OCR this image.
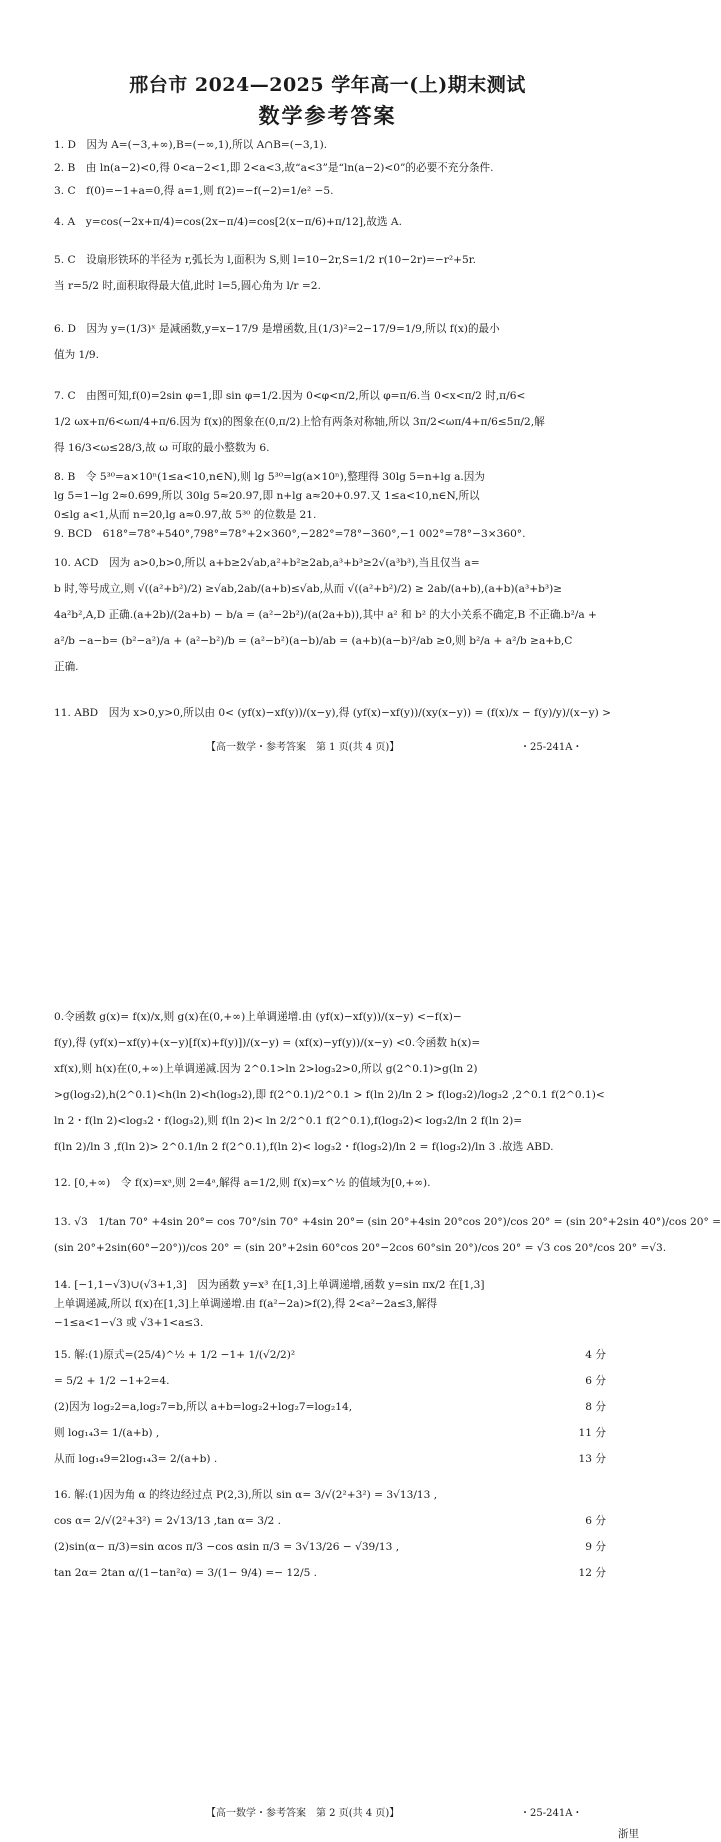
邢台市 2024—2025 学年高一(上)期末测试
数学参考答案
1. D　因为 A=(−3,+∞),B=(−∞,1),所以 A∩B=(−3,1).
2. B　由 ln(a−2)<0,得 0<a−2<1,即 2<a<3,故“a<3”是“ln(a−2)<0”的必要不充分条件.
3. C　f(0)=−1+a=0,得 a=1,则 f(2)=−f(−2)=1/e² −5.
4. A　y=cos(−2x+π/4)=cos(2x−π/4)=cos[2(x−π/6)+π/12],故选 A.
5. C　设扇形铁环的半径为 r,弧长为 l,面积为 S,则 l=10−2r,S=1/2 r(10−2r)=−r²+5r.
当 r=5/2 时,面积取得最大值,此时 l=5,圆心角为 l/r =2.
6. D　因为 y=(1/3)ˣ 是减函数,y=x−17/9 是增函数,且(1/3)²=2−17/9=1/9,所以 f(x)的最小
值为 1/9.
7. C　由图可知,f(0)=2sin φ=1,即 sin φ=1/2.因为 0<φ<π/2,所以 φ=π/6.当 0<x<π/2 时,π/6<
1/2 ωx+π/6<ωπ/4+π/6.因为 f(x)的图象在(0,π/2)上恰有两条对称轴,所以 3π/2<ωπ/4+π/6≤5π/2,解
得 16/3<ω≤28/3,故 ω 可取的最小整数为 6.
8. B　令 5³⁰=a×10ⁿ(1≤a<10,n∈N),则 lg 5³⁰=lg(a×10ⁿ),整理得 30lg 5=n+lg a.因为
lg 5=1−lg 2≈0.699,所以 30lg 5≈20.97,即 n+lg a≈20+0.97.又 1≤a<10,n∈N,所以
0≤lg a<1,从而 n=20,lg a≈0.97,故 5³⁰ 的位数是 21.
9. BCD　618°=78°+540°,798°=78°+2×360°,−282°=78°−360°,−1 002°=78°−3×360°.
10. ACD　因为 a>0,b>0,所以 a+b≥2√ab,a²+b²≥2ab,a³+b³≥2√(a³b³),当且仅当 a=
b 时,等号成立,则 √((a²+b²)/2) ≥√ab,2ab/(a+b)≤√ab,从而 √((a²+b²)/2) ≥ 2ab/(a+b),(a+b)(a³+b³)≥
4a²b²,A,D 正确.(a+2b)/(2a+b) − b/a = (a²−2b²)/(a(2a+b)),其中 a² 和 b² 的大小关系不确定,B 不正确.b²/a +
a²/b −a−b= (b²−a²)/a + (a²−b²)/b = (a²−b²)(a−b)/ab = (a+b)(a−b)²/ab ≥0,则 b²/a + a²/b ≥a+b,C
正确.
11. ABD　因为 x>0,y>0,所以由 0< (yf(x)−xf(y))/(x−y),得 (yf(x)−xf(y))/(xy(x−y)) = (f(x)/x − f(y)/y)/(x−y) >
【高一数学・参考答案　第 1 页(共 4 页)】	・25-241A・
0.令函数 g(x)= f(x)/x,则 g(x)在(0,+∞)上单调递增.由 (yf(x)−xf(y))/(x−y) <−f(x)−
f(y),得 (yf(x)−xf(y)+(x−y)[f(x)+f(y)])/(x−y) = (xf(x)−yf(y))/(x−y) <0.令函数 h(x)=
xf(x),则 h(x)在(0,+∞)上单调递减.因为 2^0.1>ln 2>log₃2>0,所以 g(2^0.1)>g(ln 2)
>g(log₃2),h(2^0.1)<h(ln 2)<h(log₃2),即 f(2^0.1)/2^0.1 > f(ln 2)/ln 2 > f(log₃2)/log₃2 ,2^0.1 f(2^0.1)<
ln 2・f(ln 2)<log₃2・f(log₃2),则 f(ln 2)< ln 2/2^0.1 f(2^0.1),f(log₃2)< log₃2/ln 2 f(ln 2)=
f(ln 2)/ln 3 ,f(ln 2)> 2^0.1/ln 2 f(2^0.1),f(ln 2)< log₃2・f(log₃2)/ln 2 = f(log₃2)/ln 3 .故选 ABD.
12. [0,+∞)　令 f(x)=xᵃ,则 2=4ᵃ,解得 a=1/2,则 f(x)=x^½ 的值域为[0,+∞).
13. √3　1/tan 70° +4sin 20°= cos 70°/sin 70° +4sin 20°= (sin 20°+4sin 20°cos 20°)/cos 20° = (sin 20°+2sin 40°)/cos 20° =
(sin 20°+2sin(60°−20°))/cos 20° = (sin 20°+2sin 60°cos 20°−2cos 60°sin 20°)/cos 20° = √3 cos 20°/cos 20° =√3.
14. [−1,1−√3)∪(√3+1,3]　因为函数 y=x³ 在[1,3]上单调递增,函数 y=sin πx/2 在[1,3]
上单调递减,所以 f(x)在[1,3]上单调递增.由 f(a²−2a)>f(2),得 2<a²−2a≤3,解得
−1≤a<1−√3 或 √3+1<a≤3.
4 分
15. 解:(1)原式=(25/4)^½ + 1/2 −1+ 1/(√2/2)²
6 分
= 5/2 + 1/2 −1+2=4.
8 分
(2)因为 log₂2=a,log₂7=b,所以 a+b=log₂2+log₂7=log₂14,
11 分
则 log₁₄3= 1/(a+b) ,
13 分
从而 log₁₄9=2log₁₄3= 2/(a+b) .
16. 解:(1)因为角 α 的终边经过点 P(2,3),所以 sin α= 3/√(2²+3²) = 3√13/13 ,
6 分
cos α= 2/√(2²+3²) = 2√13/13 ,tan α= 3/2 .
9 分
(2)sin(α− π/3)=sin αcos π/3 −cos αsin π/3 = 3√13/26 − √39/13 ,
12 分
tan 2α= 2tan α/(1−tan²α) = 3/(1− 9/4) =− 12/5 .
【高一数学・参考答案　第 2 页(共 4 页)】	・25-241A・
浙里
